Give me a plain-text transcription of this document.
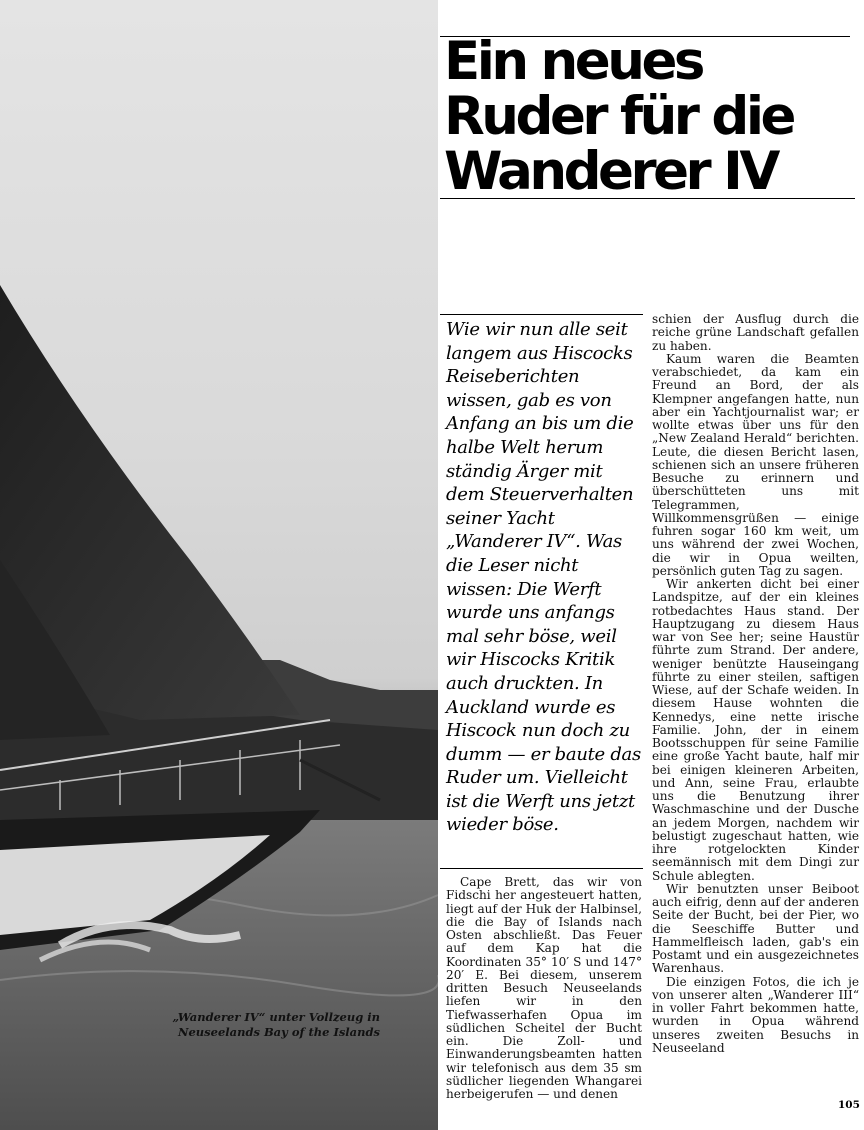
„Wanderer IV“ unter Vollzeug in Neuseelands Bay of the Islands
Ein neues
Ruder für die
Wanderer IV

Wie wir nun alle seit langem aus Hiscocks Reiseberichten wissen, gab es von Anfang an bis um die halbe Welt herum ständig Ärger mit dem Steuerverhalten seiner Yacht „Wanderer IV“. Was die Leser nicht wissen: Die Werft wurde uns anfangs mal sehr böse, weil wir Hiscocks Kritik auch druckten. In Auckland wurde es Hiscock nun doch zu dumm — er baute das Ruder um. Vielleicht ist die Werft uns jetzt wieder böse.

Cape Brett, das wir von Fidschi her angesteuert hatten, liegt auf der Huk der Halbinsel, die die Bay of Islands nach Osten abschließt. Das Feuer auf dem Kap hat die Koordinaten 35° 10′ S und 147° 20′ E. Bei diesem, unserem dritten Besuch Neuseelands liefen wir in den Tiefwasserhafen Opua im südlichen Scheitel der Bucht ein. Die Zoll- und Einwanderungsbeamten hatten wir telefonisch aus dem 35 sm südlicher liegenden Whangarei herbeigerufen — und denen

schien der Ausflug durch die reiche grüne Landschaft gefallen zu haben.

Kaum waren die Beamten verabschiedet, da kam ein Freund an Bord, der als Klempner angefangen hatte, nun aber ein Yachtjournalist war; er wollte etwas über uns für den „New Zealand Herald“ berichten. Leute, die diesen Bericht lasen, schienen sich an unsere früheren Besuche zu erinnern und überschütteten uns mit Telegrammen, Willkommensgrüßen — einige fuhren sogar 160 km weit, um uns während der zwei Wochen, die wir in Opua weilten, persönlich guten Tag zu sagen.

Wir ankerten dicht bei einer Landspitze, auf der ein kleines rotbedachtes Haus stand. Der Hauptzugang zu diesem Haus war von See her; seine Haustür führte zum Strand. Der andere, weniger benützte Hauseingang führte zu einer steilen, saftigen Wiese, auf der Schafe weiden. In diesem Hause wohnten die Kennedys, eine nette irische Familie. John, der in einem Bootsschuppen für seine Familie eine große Yacht baute, half mir bei einigen kleineren Arbeiten, und Ann, seine Frau, erlaubte uns die Benutzung ihrer Waschmaschine und der Dusche an jedem Morgen, nachdem wir belustigt zugeschaut hatten, wie ihre rotgelockten Kinder seemännisch mit dem Dingi zur Schule ablegten.

Wir benutzten unser Beiboot auch eifrig, denn auf der anderen Seite der Bucht, bei der Pier, wo die Seeschiffe Butter und Hammelfleisch laden, gab's ein Postamt und ein ausgezeichnetes Warenhaus.

Die einzigen Fotos, die ich je von unserer alten „Wanderer III“ in voller Fahrt bekommen hatte, wurden in Opua während unseres zweiten Besuchs in Neuseeland

105
